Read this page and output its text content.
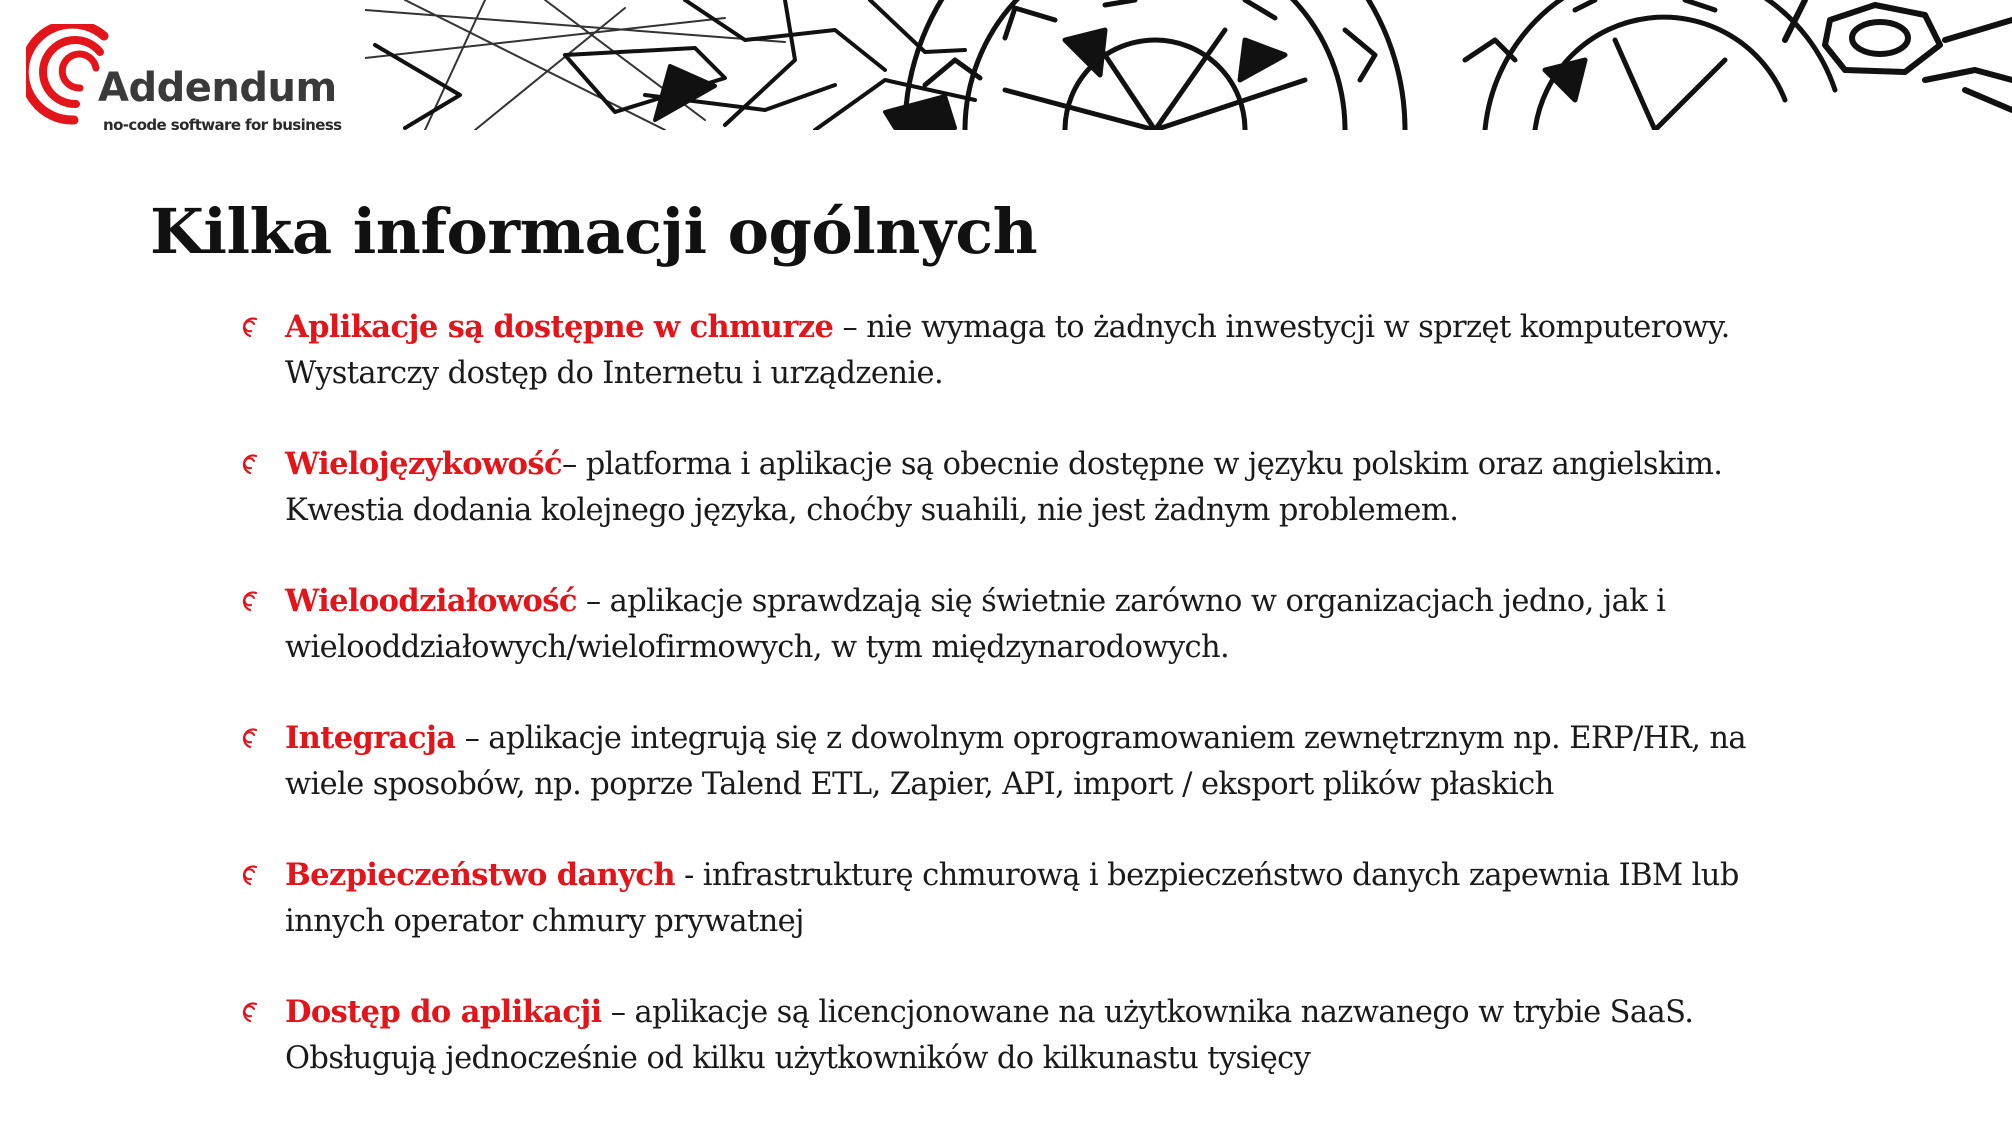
Addendum
no-code software for business
Kilka informacji ogólnych
Aplikacje są dostępne w chmurze – nie wymaga to żadnych inwestycji w sprzęt komputerowy.
Wystarczy dostęp do Internetu i urządzenie.
Wielojęzykowość– platforma i aplikacje są obecnie dostępne w języku polskim oraz angielskim.
Kwestia dodania kolejnego języka, choćby suahili, nie jest żadnym problemem.
Wieloodziałowość – aplikacje sprawdzają się świetnie zarówno w organizacjach jedno, jak i
wielooddziałowych/wielofirmowych, w tym międzynarodowych.
Integracja – aplikacje integrują się z dowolnym oprogramowaniem zewnętrznym np. ERP/HR, na
wiele sposobów, np. poprze Talend ETL, Zapier, API, import / eksport plików płaskich
Bezpieczeństwo danych - infrastrukturę chmurową i bezpieczeństwo danych zapewnia IBM lub
innych operator chmury prywatnej
Dostęp do aplikacji – aplikacje są licencjonowane na użytkownika nazwanego w trybie SaaS.
Obsługują jednocześnie od kilku użytkowników do kilkunastu tysięcy
